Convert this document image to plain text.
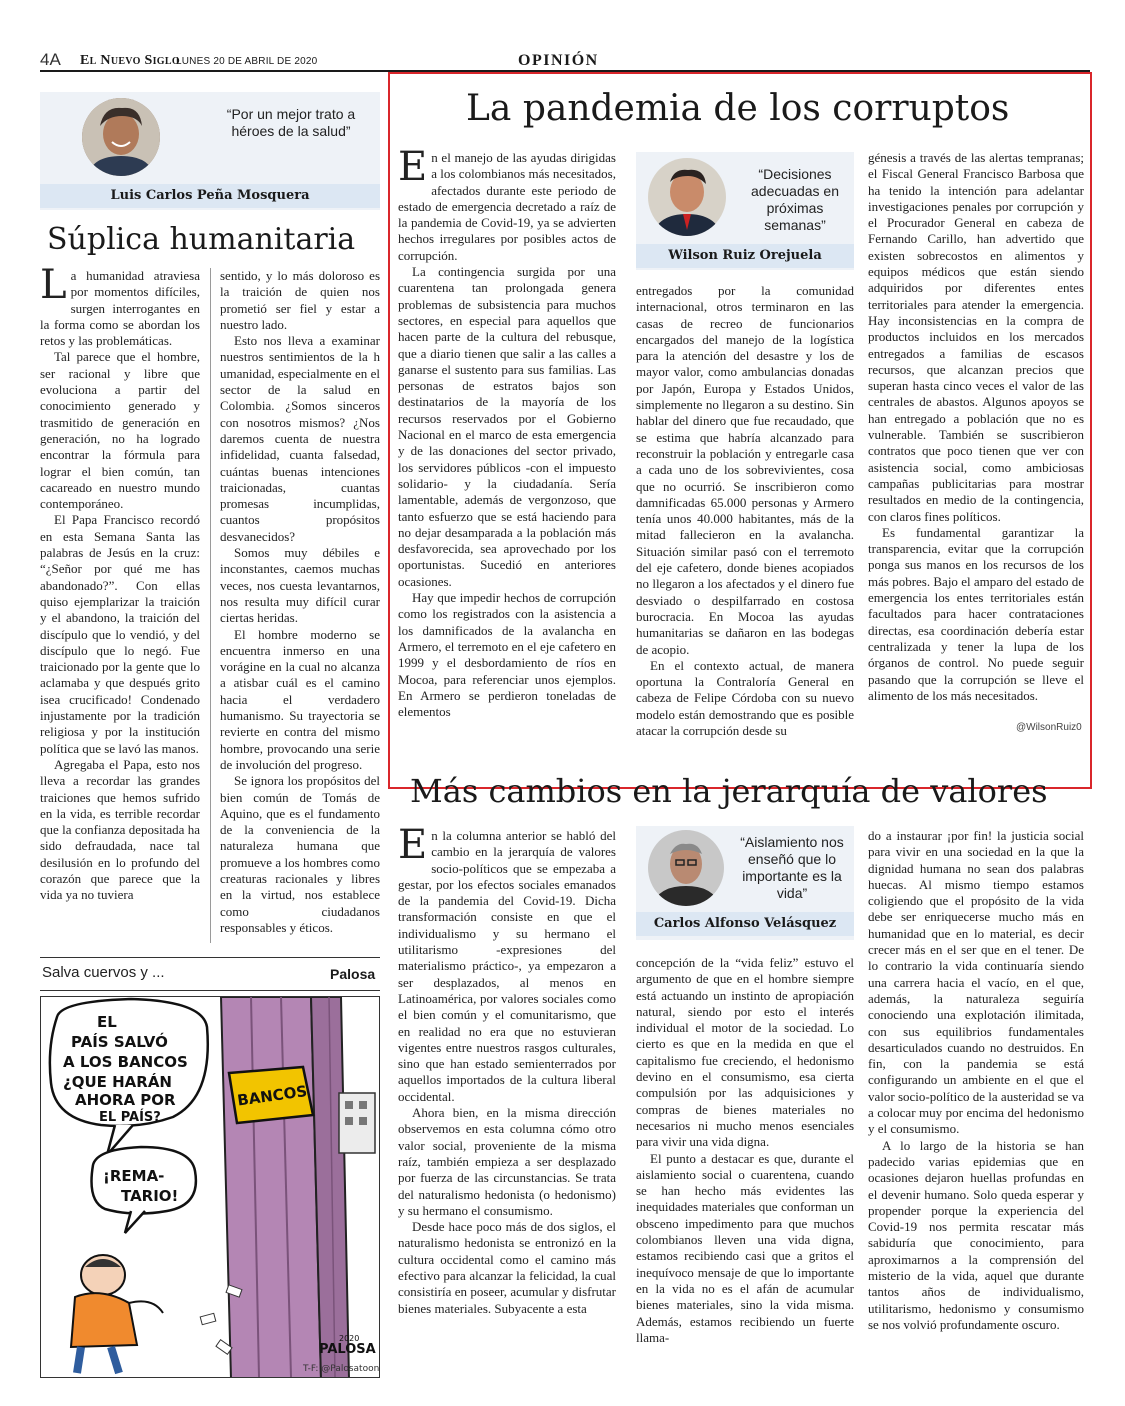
4A El Nuevo Siglo
LUNES 20 DE ABRIL DE 2020	OPINIÓN
“Por un mejor trato a héroes de la salud”
Luis Carlos Peña Mosquera
Súplica humanitaria
L a humanidad atraviesa por momentos difíciles, surgen interrogantes en la forma como se abordan los retos y las problemáticas.

Tal parece que el hombre, ser racional y libre que evoluciona a partir del conocimiento generado y trasmitido de generación en generación, no ha logrado encontrar la fórmula para lograr el bien común, tan cacareado en nuestro mundo contemporáneo.

El Papa Francisco recordó en esta Semana Santa las palabras de Jesús en la cruz: “¿Señor por qué me has abandonado?”. Con ellas quiso ejemplarizar la traición y el abandono, la traición del discípulo que lo vendió, y del discípulo que lo negó. Fue traicionado por la gente que lo aclamaba y que después grito isea crucificado! Condenado injustamente por la tradición religiosa y por la institución política que se lavó las manos.

Agregaba el Papa, esto nos lleva a recordar las grandes traiciones que hemos sufrido en la vida, es terrible recordar que la confianza depositada ha sido defraudada, nace tal desilusión en lo profundo del corazón que parece que la vida ya no tuviera

sentido, y lo más doloroso es la traición de quien nos prometió ser fiel y estar a nuestro lado.

Esto nos lleva a examinar nuestros sentimientos de la h umanidad, especialmente en el sector de la salud en Colombia. ¿Somos sinceros con nosotros mismos? ¿Nos daremos cuenta de nuestra infidelidad, cuanta falsedad, cuántas buenas intenciones traicionadas, cuantas promesas incumplidas, cuantos propósitos desvanecidos?

Somos muy débiles e inconstantes, caemos muchas veces, nos cuesta levantarnos, nos resulta muy difícil curar ciertas heridas.

El hombre moderno se encuentra inmerso en una vorágine en la cual no alcanza a atisbar cuál es el camino hacia el verdadero humanismo. Su trayectoria se revierte en contra del mismo hombre, provocando una serie de involución del progreso.

Se ignora los propósitos del bien común de Tomás de Aquino, que es el fundamento de la conveniencia de la naturaleza humana que promueve a los hombres como creaturas racionales y libres en la virtud, nos establece como ciudadanos responsables y éticos.

Salva cuervos y ...	Palosa
EL
PAÍS SALVÓ
A LOS BANCOS
¿QUE HARÁN
AHORA POR
EL PAÍS?
BANCOS
¡REMA-
TARIO!
PALOSA
2020
T-F: @Palosatoon
La pandemia de los corruptos
E n el manejo de las ayudas dirigidas a los colombianos más necesitados, afectados durante este periodo de estado de emergencia decretado a raíz de la pandemia de Covid-19, ya se advierten hechos irregulares por posibles actos de corrupción.

La contingencia surgida por una cuarentena tan prolongada genera problemas de subsistencia para muchos sectores, en especial para aquellos que hacen parte de la cultura del rebusque, que a diario tienen que salir a las calles a ganarse el sustento para sus familias. Las personas de estratos bajos son destinatarios de la mayoría de los recursos reservados por el Gobierno Nacional en el marco de esta emergencia y de las donaciones del sector privado, los servidores públicos -con el impuesto solidario- y la ciudadanía. Sería lamentable, además de vergonzoso, que tanto esfuerzo que se está haciendo para no dejar desamparada a la población más desfavorecida, sea aprovechado por los oportunistas. Sucedió en anteriores ocasiones.

Hay que impedir hechos de corrupción como los registrados con la asistencia a los damnificados de la avalancha en Armero, el terremoto en el eje cafetero en 1999 y el desbordamiento de ríos en Mocoa, para referenciar unos ejemplos. En Armero se perdieron toneladas de elementos

“Decisiones adecuadas en próximas semanas”
Wilson Ruiz Orejuela

entregados por la comunidad internacional, otros terminaron en las casas de recreo de funcionarios encargados del manejo de la logística para la atención del desastre y los de mayor valor, como ambulancias donadas por Japón, Europa y Estados Unidos, simplemente no llegaron a su destino. Sin hablar del dinero que fue recaudado, que se estima que habría alcanzado para reconstruir la población y entregarle casa a cada uno de los sobrevivientes, cosa que no ocurrió. Se inscribieron como damnificadas 65.000 personas y Armero tenía unos 40.000 habitantes, más de la mitad fallecieron en la avalancha. Situación similar pasó con el terremoto del eje cafetero, donde bienes acopiados no llegaron a los afectados y el dinero fue desviado o despilfarrado en costosa burocracia. En Mocoa las ayudas humanitarias se dañaron en las bodegas de acopio.

En el contexto actual, de manera oportuna la Contraloría General en cabeza de Felipe Córdoba con su nuevo modelo están demostrando que es posible atacar la corrupción desde su

génesis a través de las alertas tempranas; el Fiscal General Francisco Barbosa que ha tenido la intención para adelantar investigaciones penales por corrupción y el Procurador General en cabeza de Fernando Carillo, han advertido que existen sobrecostos en alimentos y equipos médicos que están siendo adquiridos por diferentes entes territoriales para atender la emergencia. Hay inconsistencias en la compra de productos incluidos en los mercados entregados a familias de escasos recursos, que alcanzan precios que superan hasta cinco veces el valor de las centrales de abastos. Algunos apoyos se han entregado a población que no es vulnerable. También se suscribieron contratos que poco tienen que ver con asistencia social, como ambiciosas campañas publicitarias para mostrar resultados en medio de la contingencia, con claros fines políticos.

Es fundamental garantizar la transparencia, evitar que la corrupción ponga sus manos en los recursos de los más pobres. Bajo el amparo del estado de emergencia los entes territoriales están facultados para hacer contrataciones directas, esa coordinación debería estar centralizada y tener la lupa de los órganos de control. No puede seguir pasando que la corrupción se lleve el alimento de los más necesitados.

@WilsonRuiz0
Más cambios en la jerarquía de valores
E n la columna anterior se habló del cambio en la jerarquía de valores socio-políticos que se empezaba a gestar, por los efectos sociales emanados de la pandemia del Covid-19. Dicha transformación consiste en que el individualismo y su hermano el utilitarismo -expresiones del materialismo práctico-, ya empezaron a ser desplazados, al menos en Latinoamérica, por valores sociales como el bien común y el comunitarismo, que en realidad no era que no estuvieran vigentes entre nuestros rasgos culturales, sino que han estado semienterrados por aquellos importados de la cultura liberal occidental.

Ahora bien, en la misma dirección observemos en esta columna cómo otro valor social, proveniente de la misma raíz, también empieza a ser desplazado por fuerza de las circunstancias. Se trata del naturalismo hedonista (o hedonismo) y su hermano el consumismo.

Desde hace poco más de dos siglos, el naturalismo hedonista se entronizó en la cultura occidental como el camino más efectivo para alcanzar la felicidad, la cual consistiría en poseer, acumular y disfrutar bienes materiales. Subyacente a esta

“Aislamiento nos enseñó que lo importante es la vida”
Carlos Alfonso Velásquez

concepción de la “vida feliz” estuvo el argumento de que en el hombre siempre está actuando un instinto de apropiación natural, siendo por esto el interés individual el motor de la sociedad. Lo cierto es que en la medida en que el capitalismo fue creciendo, el hedonismo devino en el consumismo, esa cierta compulsión por las adquisiciones y compras de bienes materiales no necesarios ni mucho menos esenciales para vivir una vida digna.

El punto a destacar es que, durante el aislamiento social o cuarentena, cuando se han hecho más evidentes las inequidades materiales que conforman un obsceno impedimento para que muchos colombianos lleven una vida digna, estamos recibiendo casi que a gritos el inequívoco mensaje de que lo importante en la vida no es el afán de acumular bienes materiales, sino la vida misma. Además, estamos recibiendo un fuerte llama-

do a instaurar ¡por fin! la justicia social para vivir en una sociedad en la que la dignidad humana no sean dos palabras huecas. Al mismo tiempo estamos coligiendo que el propósito de la vida debe ser enriquecerse mucho más en humanidad que en lo material, es decir crecer más en el ser que en el tener. De lo contrario la vida continuaría siendo una carrera hacia el vacío, en el que, además, la naturaleza seguiría conociendo una explotación ilimitada, con sus equilibrios fundamentales desarticulados cuando no destruidos. En fin, con la pandemia se está configurando un ambiente en el que el valor socio-político de la austeridad se va a colocar muy por encima del hedonismo y el consumismo.

A lo largo de la historia se han padecido varias epidemias que en ocasiones dejaron huellas profundas en el devenir humano. Solo queda esperar y propender porque la experiencia del Covid-19 nos permita rescatar más sabiduría que conocimiento, para aproximarnos a la comprensión del misterio de la vida, aquel que durante tantos años de individualismo, utilitarismo, hedonismo y consumismo se nos volvió profundamente oscuro.
